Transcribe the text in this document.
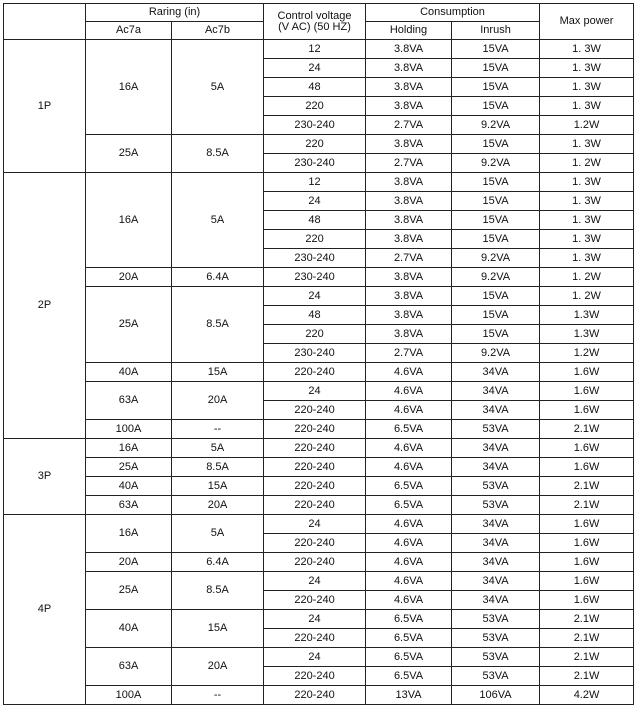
	Raring (in)		Control voltage
(V AC) (50 HZ)	Consumption		Max power
	Ac7a	Ac7b		Holding	Inrush	
1P	16A	5A	12	3.8VA	15VA	1. 3W
			24	3.8VA	15VA	1. 3W
			48	3.8VA	15VA	1. 3W
			220	3.8VA	15VA	1. 3W
			230-240	2.7VA	9.2VA	1.2W
	25A	8.5A	220	3.8VA	15VA	1. 3W
			230-240	2.7VA	9.2VA	1. 2W
2P	16A	5A	12	3.8VA	15VA	1. 3W
			24	3.8VA	15VA	1. 3W
			48	3.8VA	15VA	1. 3W
			220	3.8VA	15VA	1. 3W
			230-240	2.7VA	9.2VA	1. 3W
	20A	6.4A	230-240	3.8VA	9.2VA	1. 2W
	25A	8.5A	24	3.8VA	15VA	1. 2W
			48	3.8VA	15VA	1.3W
			220	3.8VA	15VA	1.3W
			230-240	2.7VA	9.2VA	1.2W
	40A	15A	220-240	4.6VA	34VA	1.6W
	63A	20A	24	4.6VA	34VA	1.6W
			220-240	4.6VA	34VA	1.6W
	100A	--	220-240	6.5VA	53VA	2.1W
3P	16A	5A	220-240	4.6VA	34VA	1.6W
	25A	8.5A	220-240	4.6VA	34VA	1.6W
	40A	15A	220-240	6.5VA	53VA	2.1W
	63A	20A	220-240	6.5VA	53VA	2.1W
4P	16A	5A	24	4.6VA	34VA	1.6W
			220-240	4.6VA	34VA	1.6W
	20A	6.4A	220-240	4.6VA	34VA	1.6W
	25A	8.5A	24	4.6VA	34VA	1.6W
			220-240	4.6VA	34VA	1.6W
	40A	15A	24	6.5VA	53VA	2.1W
			220-240	6.5VA	53VA	2.1W
	63A	20A	24	6.5VA	53VA	2.1W
			220-240	6.5VA	53VA	2.1W
	100A	--	220-240	13VA	106VA	4.2W
